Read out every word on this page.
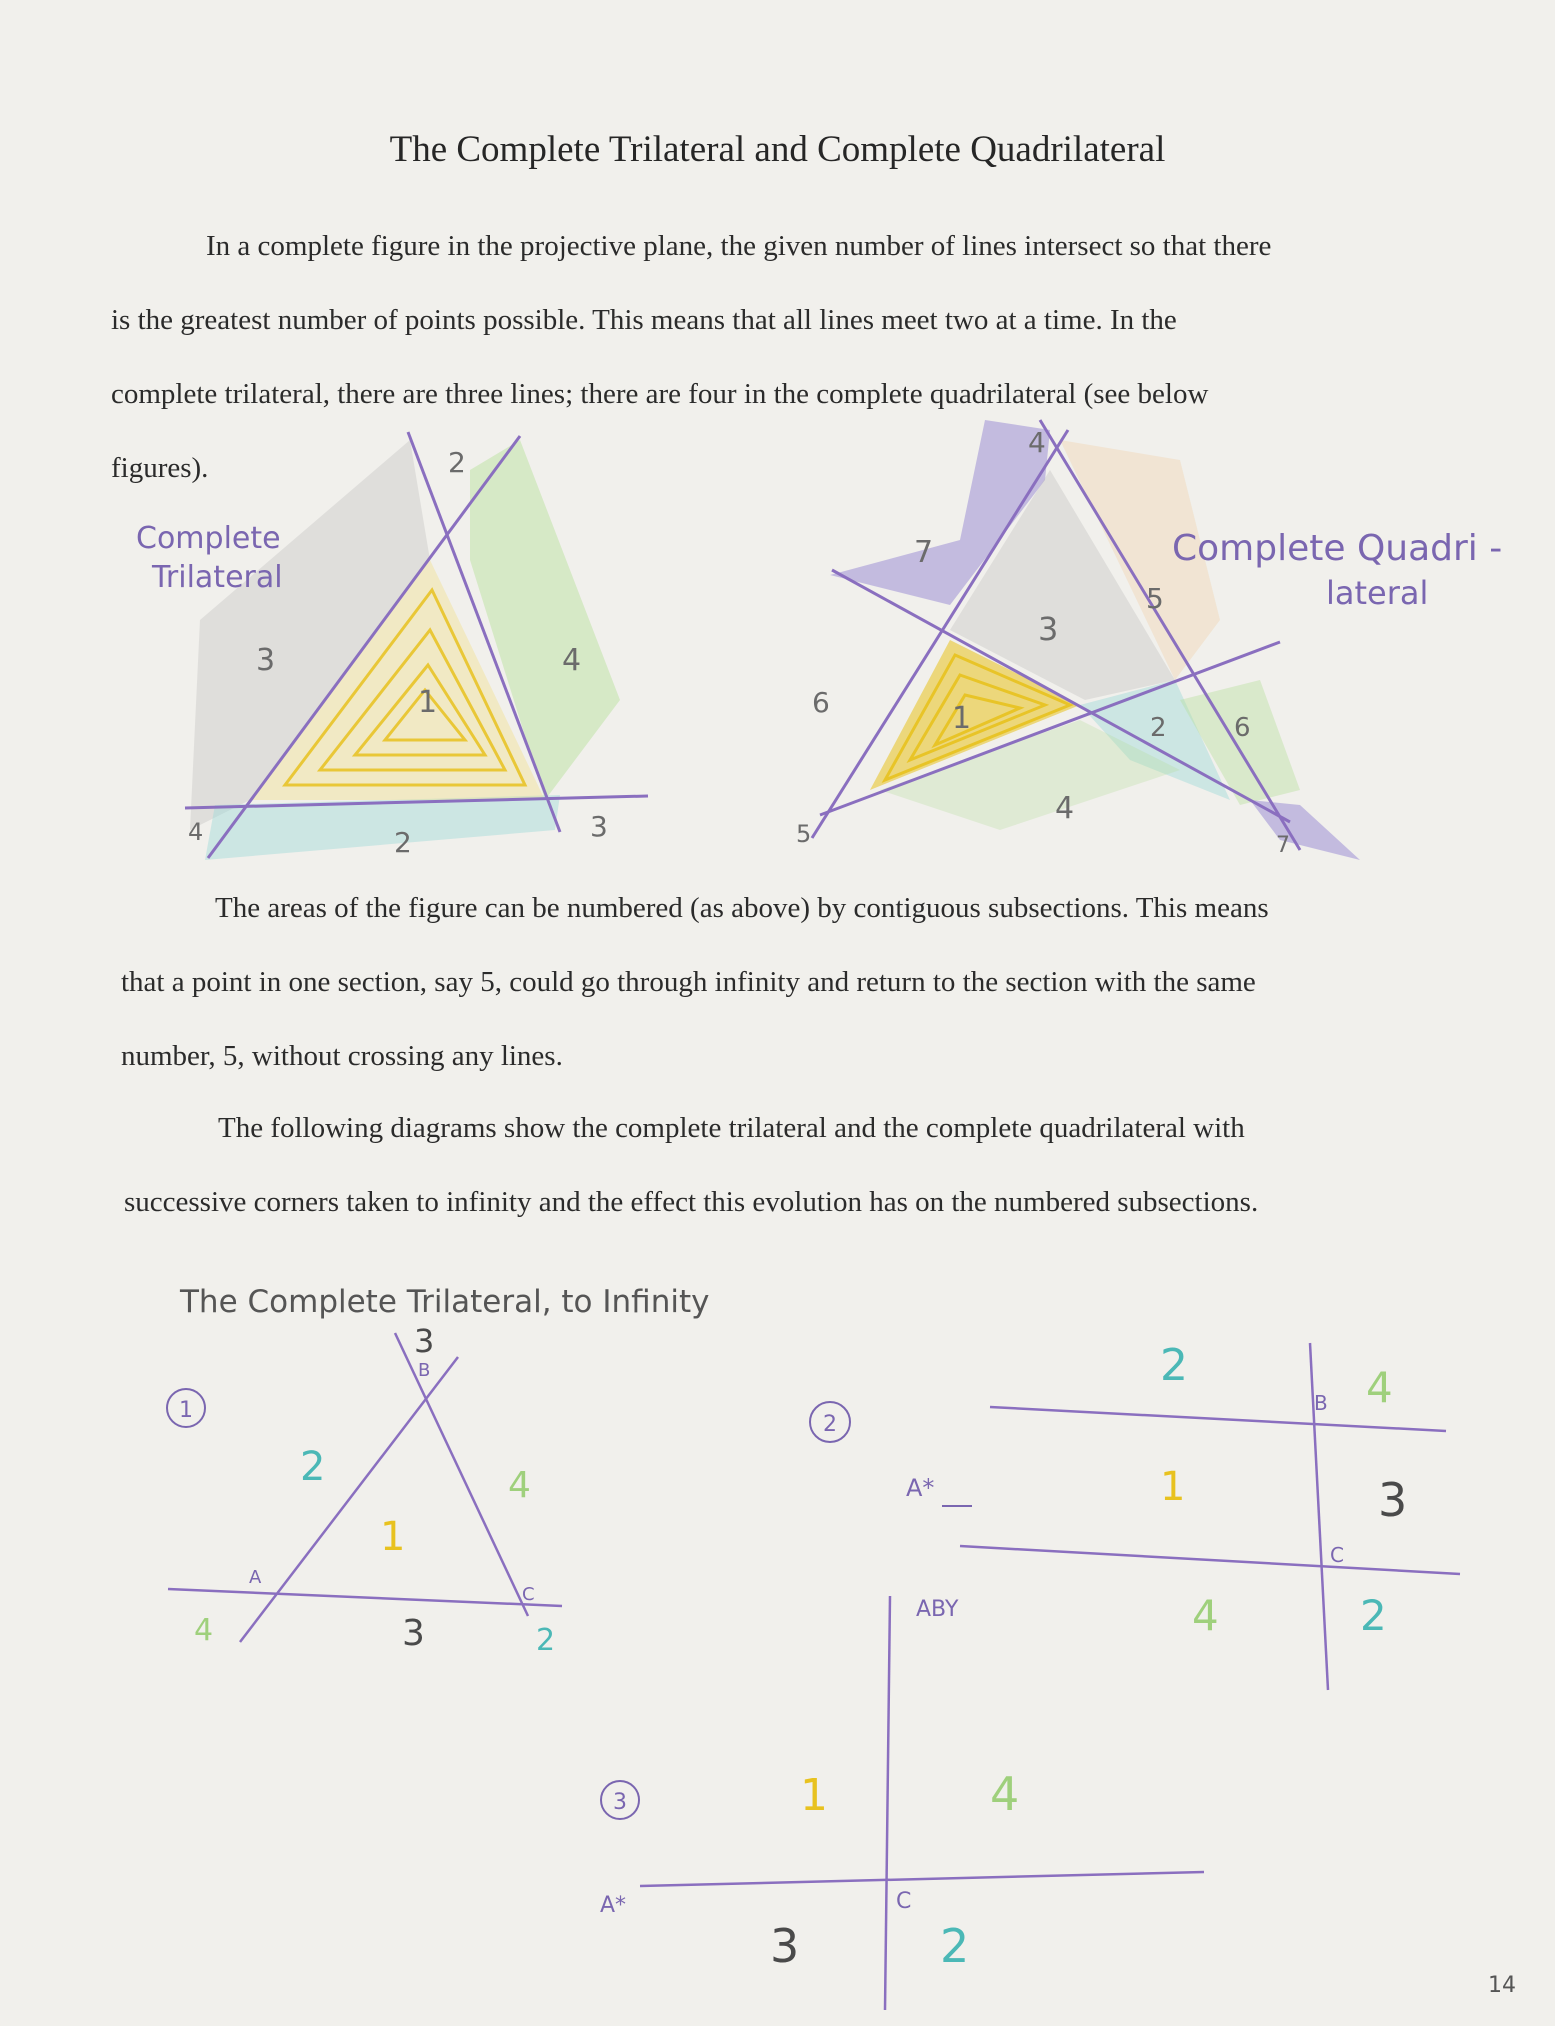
The Complete Trilateral and Complete Quadrilateral
In a complete figure in the projective plane, the given number of lines intersect so that there
is the greatest number of points possible. This means that all lines meet two at a time. In the
complete trilateral, there are three lines; there are four in the complete quadrilateral (see below
figures).
The areas of the figure can be numbered (as above) by contiguous subsections. This means
that a point in one section, say 5, could go through infinity and return to the section with the same
number, 5, without crossing any lines.
The following diagrams show the complete trilateral and the complete quadrilateral with
successive corners taken to infinity and the effect this evolution has on the numbered subsections.
Complete
Trilateral
1
2
3	4
4	2	3
Complete Quadri -
lateral
1	2
3
4
5
6
7
4
5
6
7
The Complete Trilateral, to Infinity
1
B
A
C
1
2
3
4
3
4	2
2
B
C
A*	1
2
3
4
4	2
3
ABY
C
A*
1
3
4
2
14
